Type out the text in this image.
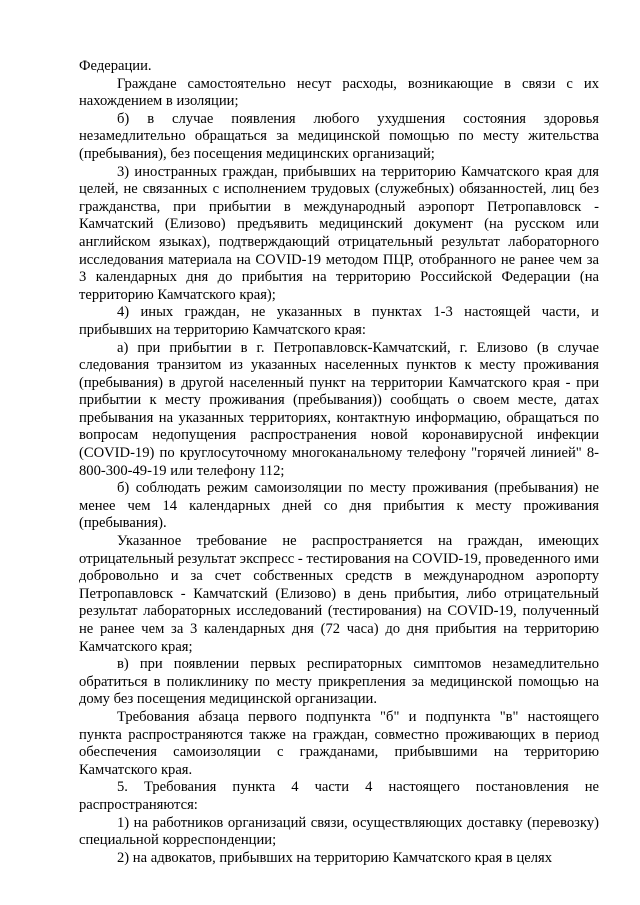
Федерации.

Граждане самостоятельно несут расходы, возникающие в связи с их нахождением в изоляции;

б) в случае появления любого ухудшения состояния здоровья незамедлительно обращаться за медицинской помощью по месту жительства (пребывания), без посещения медицинских организаций;

3) иностранных граждан, прибывших на территорию Камчатского края для целей, не связанных с исполнением трудовых (служебных) обязанностей, лиц без гражданства, при прибытии в международный аэропорт Петропавловск - Камчатский (Елизово) предъявить медицинский документ (на русском или английском языках), подтверждающий отрицательный результат лабораторного исследования материала на COVID-19 методом ПЦР, отобранного не ранее чем за 3 календарных дня до прибытия на территорию Российской Федерации (на территорию Камчатского края);

4) иных граждан, не указанных в пунктах 1-3 настоящей части, и прибывших на территорию Камчатского края:

а) при прибытии в г. Петропавловск-Камчатский, г. Елизово (в случае следования транзитом из указанных населенных пунктов к месту проживания (пребывания) в другой населенный пункт на территории Камчатского края - при прибытии к месту проживания (пребывания)) сообщать о своем месте, датах пребывания на указанных территориях, контактную информацию, обращаться по вопросам недопущения распространения новой коронавирусной инфекции (COVID-19) по круглосуточному многоканальному телефону "горячей линией" 8-800-300-49-19 или телефону 112;

б) соблюдать режим самоизоляции по месту проживания (пребывания) не менее чем 14 календарных дней со дня прибытия к месту проживания (пребывания).

Указанное требование не распространяется на граждан, имеющих отрицательный результат экспресс - тестирования на COVID-19, проведенного ими добровольно и за счет собственных средств в международном аэропорту Петропавловск - Камчатский (Елизово) в день прибытия, либо отрицательный результат лабораторных исследований (тестирования) на COVID-19, полученный не ранее чем за 3 календарных дня (72 часа) до дня прибытия на территорию Камчатского края;

в) при появлении первых респираторных симптомов незамедлительно обратиться в поликлинику по месту прикрепления за медицинской помощью на дому без посещения медицинской организации.

Требования абзаца первого подпункта "б" и подпункта "в" настоящего пункта распространяются также на граждан, совместно проживающих в период обеспечения самоизоляции с гражданами, прибывшими на территорию Камчатского края.

5. Требования пункта 4 части 4 настоящего постановления не распространяются:

1) на работников организаций связи, осуществляющих доставку (перевозку) специальной корреспонденции;

2) на адвокатов, прибывших на территорию Камчатского края в целях
